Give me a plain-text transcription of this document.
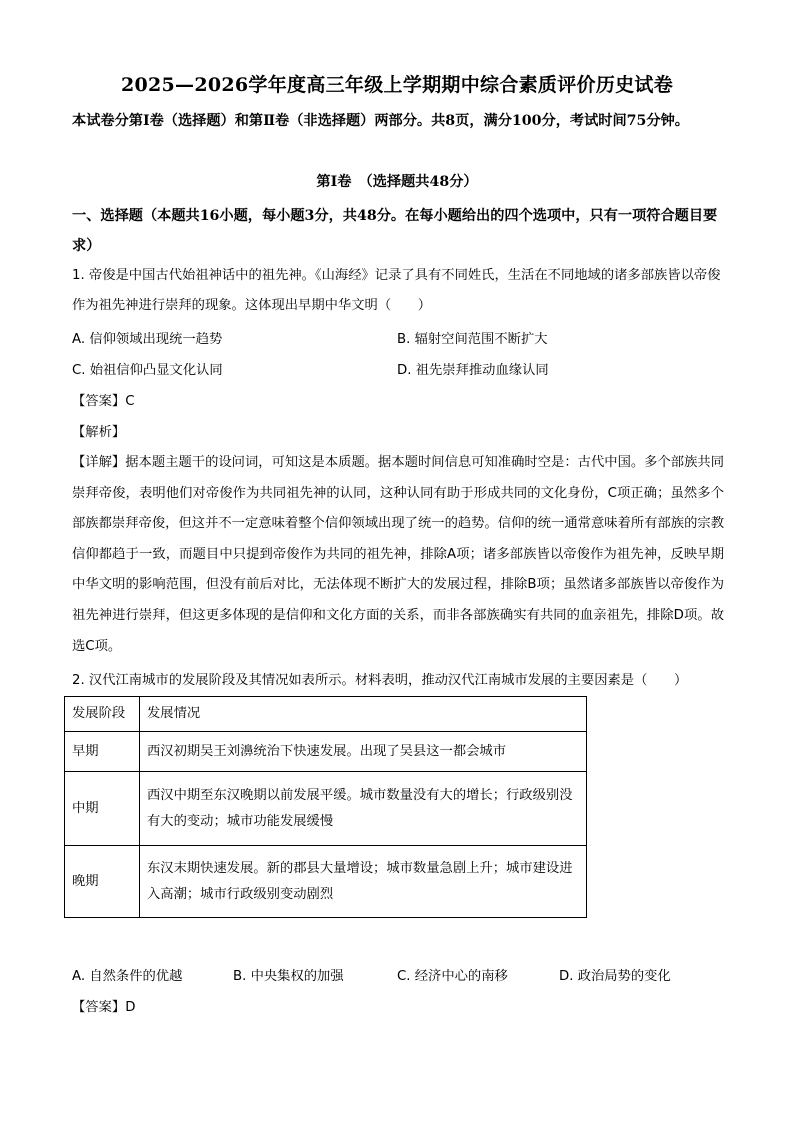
2025—2026学年度高三年级上学期期中综合素质评价历史试卷
本试卷分第Ⅰ卷（选择题）和第Ⅱ卷（非选择题）两部分。共8页，满分100分，考试时间75分钟。
第Ⅰ卷　（选择题共48分）
一、选择题（本题共16小题，每小题3分，共48分。在每小题给出的四个选项中，只有一项符合题目要求）
1. 帝俊是中国古代始祖神话中的祖先神。《山海经》记录了具有不同姓氏，生活在不同地域的诸多部族皆以帝俊作为祖先神进行崇拜的现象。这体现出早期中华文明（　　）
A. 信仰领域出现统一趋势	B. 辐射空间范围不断扩大
C. 始祖信仰凸显文化认同	D. 祖先崇拜推动血缘认同
【答案】C
【解析】
【详解】据本题主题干的设问词，可知这是本质题。据本题时间信息可知准确时空是：古代中国。多个部族共同崇拜帝俊，表明他们对帝俊作为共同祖先神的认同，这种认同有助于形成共同的文化身份，C项正确；虽然多个部族都崇拜帝俊，但这并不一定意味着整个信仰领域出现了统一的趋势。信仰的统一通常意味着所有部族的宗教信仰都趋于一致，而题目中只提到帝俊作为共同的祖先神，排除A项；诸多部族皆以帝俊作为祖先神，反映早期中华文明的影响范围，但没有前后对比，无法体现不断扩大的发展过程，排除B项；虽然诸多部族皆以帝俊作为祖先神进行崇拜，但这更多体现的是信仰和文化方面的关系，而非各部族确实有共同的血亲祖先，排除D项。故选C项。
2. 汉代江南城市的发展阶段及其情况如表所示。材料表明，推动汉代江南城市发展的主要因素是（　　）
发展阶段	发展情况
早期	西汉初期吴王刘濞统治下快速发展。出现了吴县这一都会城市
中期	西汉中期至东汉晚期以前发展平缓。城市数量没有大的增长；行政级别没有大的变动；城市功能发展缓慢
晚期	东汉末期快速发展。新的郡县大量增设；城市数量急剧上升；城市建设进入高潮；城市行政级别变动剧烈
A. 自然条件的优越	B. 中央集权的加强	C. 经济中心的南移	D. 政治局势的变化
【答案】D
